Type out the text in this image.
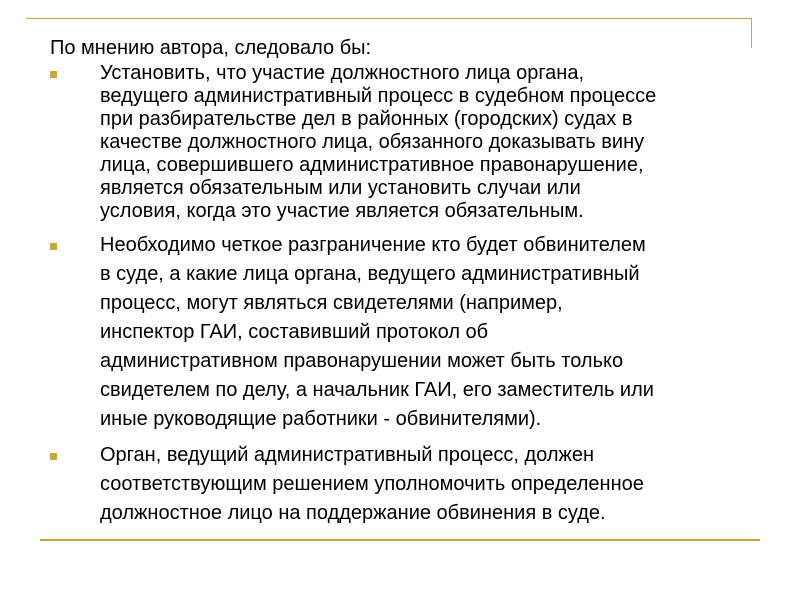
По мнению автора, следовало бы:
Установить, что участие должностного лица органа,
ведущего административный процесс в судебном процессе
при разбирательстве дел в районных (городских) судах в
качестве должностного лица, обязанного доказывать вину
лица, совершившего административное правонарушение,
является обязательным или установить случаи или
условия, когда это участие является обязательным.
Необходимо четкое разграничение кто будет обвинителем
в суде, а какие лица органа, ведущего административный
процесс, могут являться свидетелями (например,
инспектор ГАИ, составивший протокол об
административном правонарушении может быть только
свидетелем по делу, а начальник ГАИ, его заместитель или
иные руководящие работники - обвинителями).
Орган, ведущий административный процесс, должен
соответствующим решением уполномочить определенное
должностное лицо на поддержание обвинения в суде.
